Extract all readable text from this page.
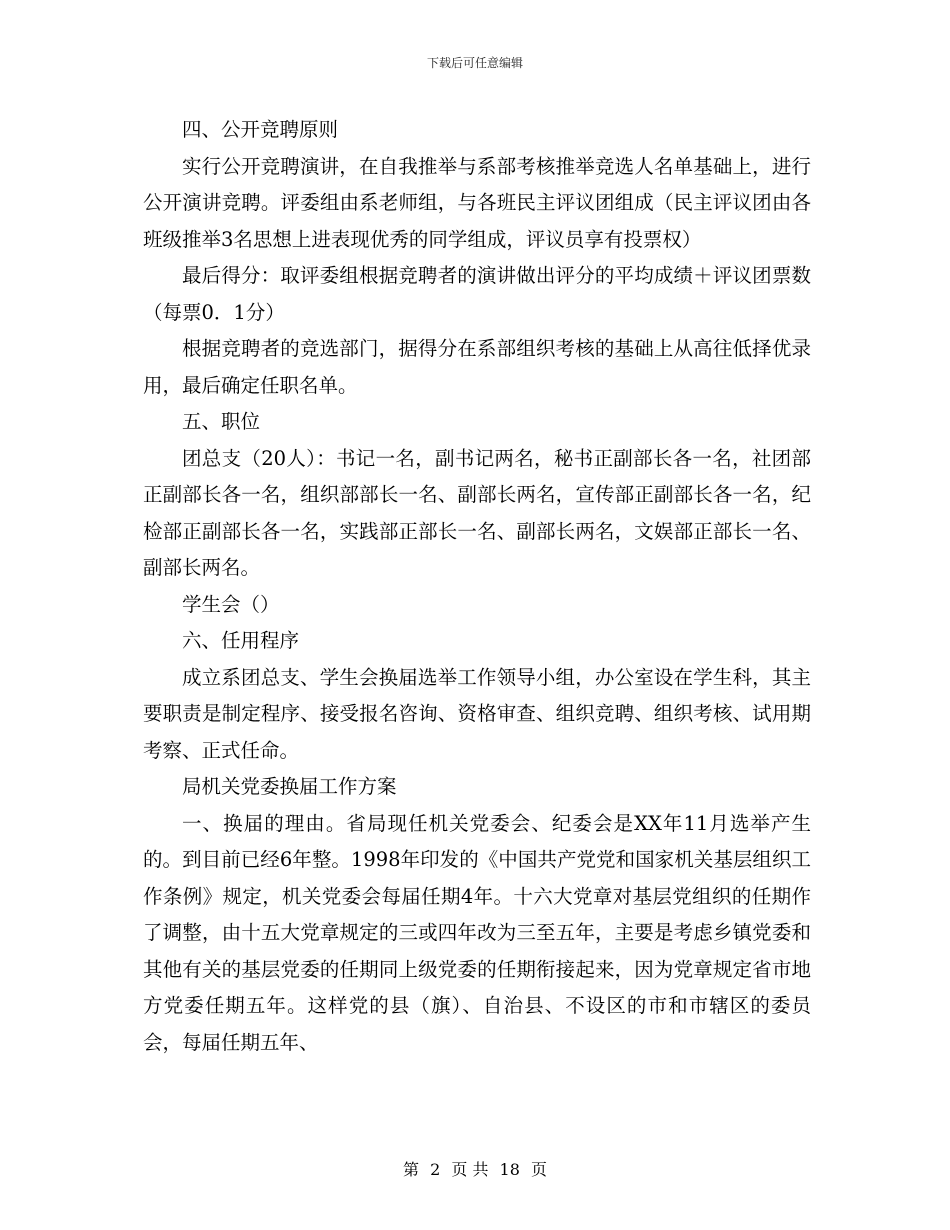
下载后可任意编辑

四、公开竞聘原则

实行公开竞聘演讲，在自我推举与系部考核推举竞选人名单基础上，进行公开演讲竞聘。评委组由系老师组，与各班民主评议团组成（民主评议团由各班级推举3名思想上进表现优秀的同学组成，评议员享有投票权）

最后得分：取评委组根据竞聘者的演讲做出评分的平均成绩＋评议团票数（每票0．1分）

根据竞聘者的竞选部门，据得分在系部组织考核的基础上从高往低择优录用，最后确定任职名单。

五、职位

团总支（20人）：书记一名，副书记两名，秘书正副部长各一名，社团部正副部长各一名，组织部部长一名、副部长两名，宣传部正副部长各一名，纪检部正副部长各一名，实践部正部长一名、副部长两名，文娱部正部长一名、副部长两名。

学生会（）

六、任用程序

成立系团总支、学生会换届选举工作领导小组，办公室设在学生科，其主要职责是制定程序、接受报名咨询、资格审查、组织竞聘、组织考核、试用期考察、正式任命。

局机关党委换届工作方案

一、换届的理由。省局现任机关党委会、纪委会是XX年11月选举产生的。到目前已经6年整。1998年印发的《中国共产党党和国家机关基层组织工作条例》规定，机关党委会每届任期4年。十六大党章对基层党组织的任期作了调整，由十五大党章规定的三或四年改为三至五年，主要是考虑乡镇党委和其他有关的基层党委的任期同上级党委的任期衔接起来，因为党章规定省市地方党委任期五年。这样党的县（旗）、自治县、不设区的市和市辖区的委员会，每届任期五年、

第 2 页 共 18 页
